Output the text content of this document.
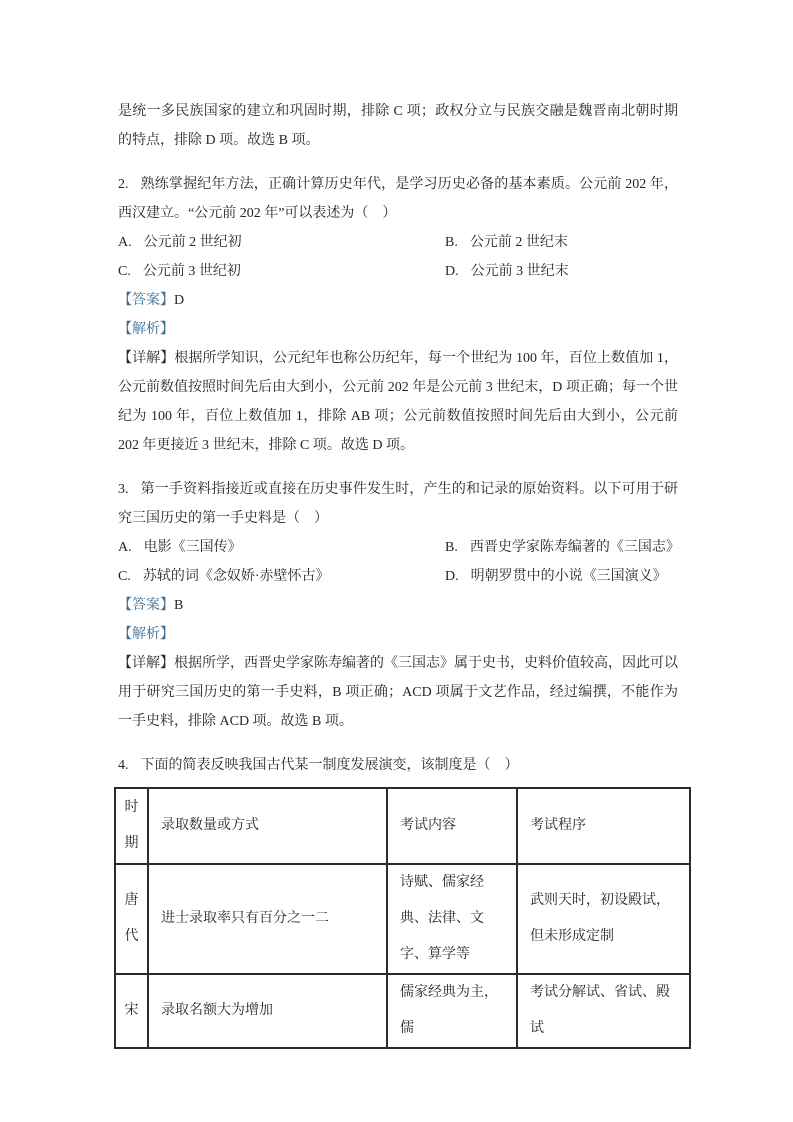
是统一多民族国家的建立和巩固时期，排除 C 项；政权分立与民族交融是魏晋南北朝时期的特点，排除 D 项。故选 B 项。

2. 熟练掌握纪年方法，正确计算历史年代，是学习历史必备的基本素质。公元前 202 年，西汉建立。“公元前 202 年”可以表述为（　）

A. 公元前 2 世纪初	B. 公元前 2 世纪末
C. 公元前 3 世纪初	D. 公元前 3 世纪末

【答案】D

【解析】

【详解】根据所学知识，公元纪年也称公历纪年，每一个世纪为 100 年，百位上数值加 1，公元前数值按照时间先后由大到小，公元前 202 年是公元前 3 世纪末，D 项正确；每一个世纪为 100 年，百位上数值加 1，排除 AB 项；公元前数值按照时间先后由大到小，公元前 202 年更接近 3 世纪末，排除 C 项。故选 D 项。

3. 第一手资料指接近或直接在历史事件发生时，产生的和记录的原始资料。以下可用于研究三国历史的第一手史料是（　）

A. 电影《三国传》	B. 西晋史学家陈寿编著的《三国志》
C. 苏轼的词《念奴娇·赤壁怀古》	D. 明朝罗贯中的小说《三国演义》

【答案】B

【解析】

【详解】根据所学，西晋史学家陈寿编著的《三国志》属于史书，史料价值较高，因此可以用于研究三国历史的第一手史料，B 项正确；ACD 项属于文艺作品，经过编撰，不能作为一手史料，排除 ACD 项。故选 B 项。

4. 下面的简表反映我国古代某一制度发展演变，该制度是（　）

时期	录取数量或方式	考试内容	考试程序
唐代	进士录取率只有百分之一二	诗赋、儒家经典、法律、文字、算学等	武则天时，初设殿试，但未形成定制
宋	录取名额大为增加	儒家经典为主，儒	考试分解试、省试、殿试
